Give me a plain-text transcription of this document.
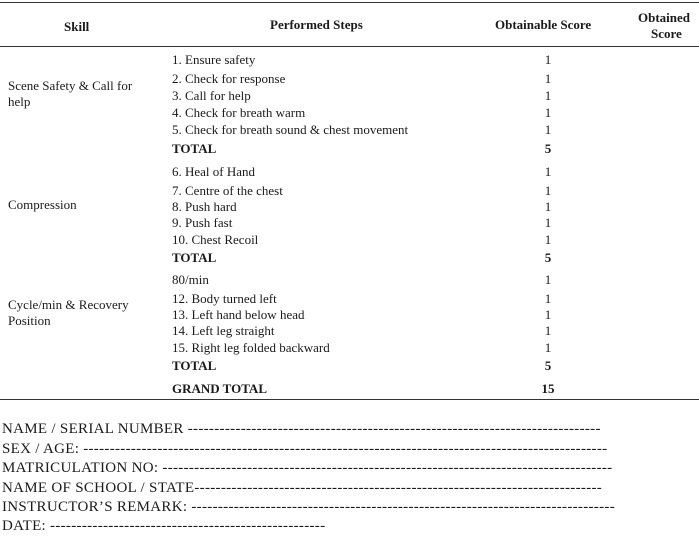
Skill	Performed Steps	Obtainable Score	Obtained
Score
Scene Safety & Call for
help
1. Ensure safety	1
2. Check for response	1
3. Call for help	1
4. Check for breath warm	1
5. Check for breath sound & chest movement	1
TOTAL	5
Compression
6. Heal of Hand	1
7. Centre of the chest	1
8. Push hard	1
9. Push fast	1
10. Chest Recoil	1
TOTAL	5
Cycle/min & Recovery
Position
80/min	1
12. Body turned left	1
13. Left hand below head	1
14. Left leg straight	1
15. Right leg folded backward	1
TOTAL	5
GRAND TOTAL	15
NAME / SERIAL NUMBER ------------------------------------------------------------------------------
SEX / AGE: ---------------------------------------------------------------------------------------------------
MATRICULATION NO: -------------------------------------------------------------------------------------
NAME OF SCHOOL / STATE-----------------------------------------------------------------------------
INSTRUCTOR’S REMARK: --------------------------------------------------------------------------------
DATE: ----------------------------------------------------
